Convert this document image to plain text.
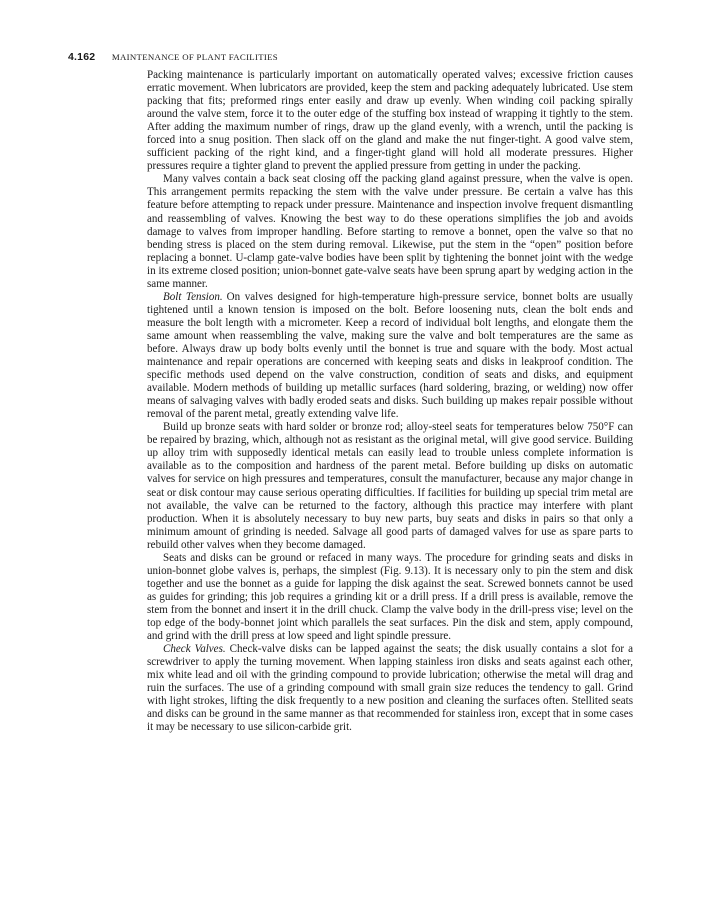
4.162 MAINTENANCE OF PLANT FACILITIES

Packing maintenance is particularly important on automatically operated valves; excessive friction causes erratic movement. When lubricators are provided, keep the stem and packing adequately lubricated. Use stem packing that fits; preformed rings enter easily and draw up evenly. When winding coil packing spirally around the valve stem, force it to the outer edge of the stuffing box instead of wrapping it tightly to the stem. After adding the maximum number of rings, draw up the gland evenly, with a wrench, until the packing is forced into a snug position. Then slack off on the gland and make the nut finger-tight. A good valve stem, sufficient packing of the right kind, and a finger-tight gland will hold all moderate pressures. Higher pressures require a tighter gland to prevent the applied pressure from getting in under the packing.

Many valves contain a back seat closing off the packing gland against pressure, when the valve is open. This arrangement permits repacking the stem with the valve under pressure. Be certain a valve has this feature before attempting to repack under pressure. Maintenance and inspection involve frequent dismantling and reassembling of valves. Knowing the best way to do these operations simplifies the job and avoids damage to valves from improper handling. Before starting to remove a bonnet, open the valve so that no bending stress is placed on the stem during removal. Likewise, put the stem in the “open” position before replacing a bonnet. U-clamp gate-valve bodies have been split by tightening the bonnet joint with the wedge in its extreme closed position; union-bonnet gate-valve seats have been sprung apart by wedging action in the same manner.

Bolt Tension. On valves designed for high-temperature high-pressure service, bonnet bolts are usually tightened until a known tension is imposed on the bolt. Before loosening nuts, clean the bolt ends and measure the bolt length with a micrometer. Keep a record of individual bolt lengths, and elongate them the same amount when reassembling the valve, making sure the valve and bolt temperatures are the same as before. Always draw up body bolts evenly until the bonnet is true and square with the body. Most actual maintenance and repair operations are concerned with keeping seats and disks in leakproof condition. The specific methods used depend on the valve construction, condition of seats and disks, and equipment available. Modern methods of building up metallic surfaces (hard soldering, brazing, or welding) now offer means of salvaging valves with badly eroded seats and disks. Such building up makes repair possible without removal of the parent metal, greatly extending valve life.

Build up bronze seats with hard solder or bronze rod; alloy-steel seats for temperatures below 750°F can be repaired by brazing, which, although not as resistant as the original metal, will give good service. Building up alloy trim with supposedly identical metals can easily lead to trouble unless complete information is available as to the composition and hardness of the parent metal. Before building up disks on automatic valves for service on high pressures and temperatures, consult the manufacturer, because any major change in seat or disk contour may cause serious operating difficulties. If facilities for building up special trim metal are not available, the valve can be returned to the factory, although this practice may interfere with plant production. When it is absolutely necessary to buy new parts, buy seats and disks in pairs so that only a minimum amount of grinding is needed. Salvage all good parts of damaged valves for use as spare parts to rebuild other valves when they become damaged.

Seats and disks can be ground or refaced in many ways. The procedure for grinding seats and disks in union-bonnet globe valves is, perhaps, the simplest (Fig. 9.13). It is necessary only to pin the stem and disk together and use the bonnet as a guide for lapping the disk against the seat. Screwed bonnets cannot be used as guides for grinding; this job requires a grinding kit or a drill press. If a drill press is available, remove the stem from the bonnet and insert it in the drill chuck. Clamp the valve body in the drill-press vise; level on the top edge of the body-bonnet joint which parallels the seat surfaces. Pin the disk and stem, apply compound, and grind with the drill press at low speed and light spindle pressure.

Check Valves. Check-valve disks can be lapped against the seats; the disk usually contains a slot for a screwdriver to apply the turning movement. When lapping stainless iron disks and seats against each other, mix white lead and oil with the grinding compound to provide lubrication; otherwise the metal will drag and ruin the surfaces. The use of a grinding compound with small grain size reduces the tendency to gall. Grind with light strokes, lifting the disk frequently to a new position and cleaning the surfaces often. Stellited seats and disks can be ground in the same manner as that recommended for stainless iron, except that in some cases it may be necessary to use silicon-carbide grit.
